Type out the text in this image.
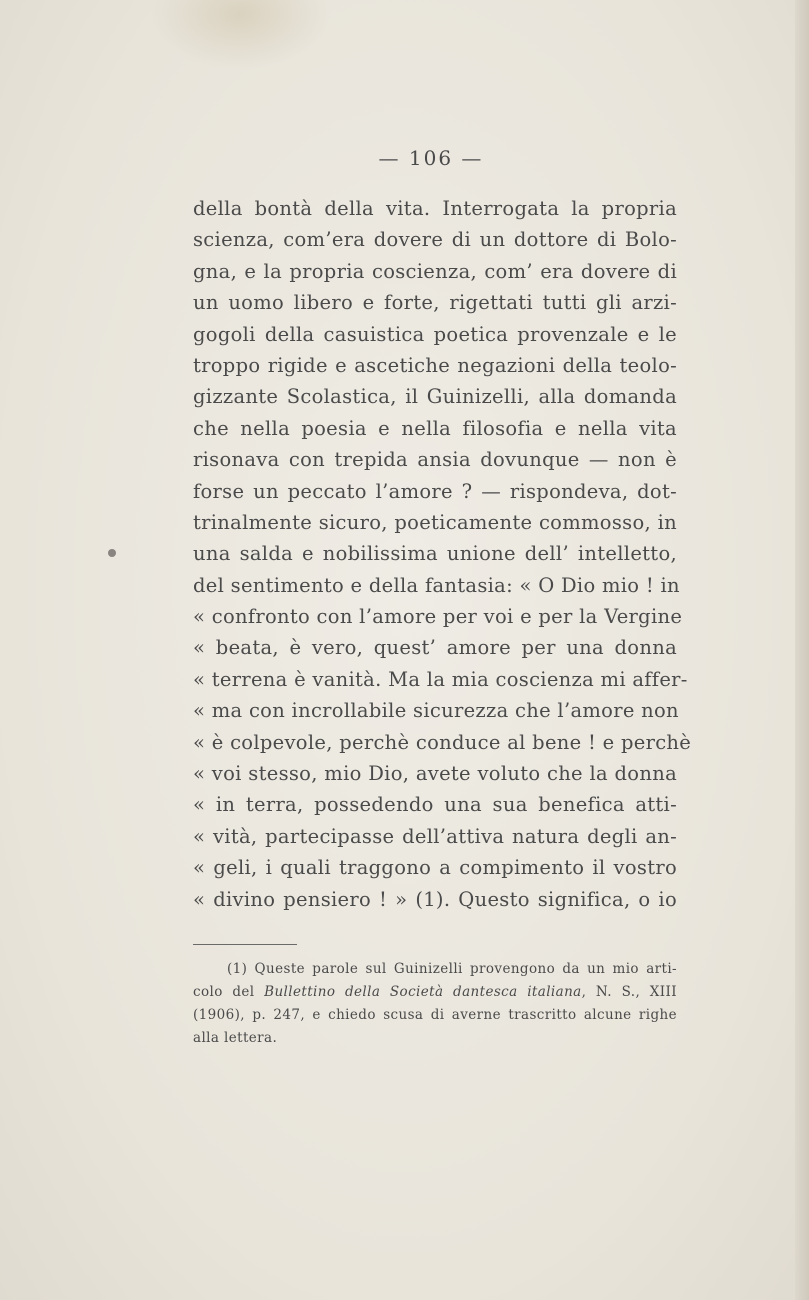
— 106 —
della bontà della vita. Interrogata la propria
scienza, com’era dovere di un dottore di Bolo-
gna, e la propria coscienza, com’ era dovere di
un uomo libero e forte, rigettati tutti gli arzi-
gogoli della casuistica poetica provenzale e le
troppo rigide e ascetiche negazioni della teolo-
gizzante Scolastica, il Guinizelli, alla domanda
che nella poesia e nella filosofia e nella vita
risonava con trepida ansia dovunque — non è
forse un peccato l’amore ? — rispondeva, dot-
trinalmente sicuro, poeticamente commosso, in
una salda e nobilissima unione dell’ intelletto,
del sentimento e della fantasia: « O Dio mio ! in
« confronto con l’amore per voi e per la Vergine
« beata, è vero, quest’ amore per una donna
« terrena è vanità. Ma la mia coscienza mi affer-
« ma con incrollabile sicurezza che l’amore non
« è colpevole, perchè conduce al bene ! e perchè
« voi stesso, mio Dio, avete voluto che la donna
« in terra, possedendo una sua benefica atti-
« vità, partecipasse dell’attiva natura degli an-
« geli, i quali traggono a compimento il vostro
« divino pensiero ! » (1). Questo significa, o io
(1) Queste parole sul Guinizelli provengono da un mio arti-
colo del Bullettino della Società dantesca italiana, N. S., XIII
(1906), p. 247, e chiedo scusa di averne trascritto alcune righe
alla lettera.
